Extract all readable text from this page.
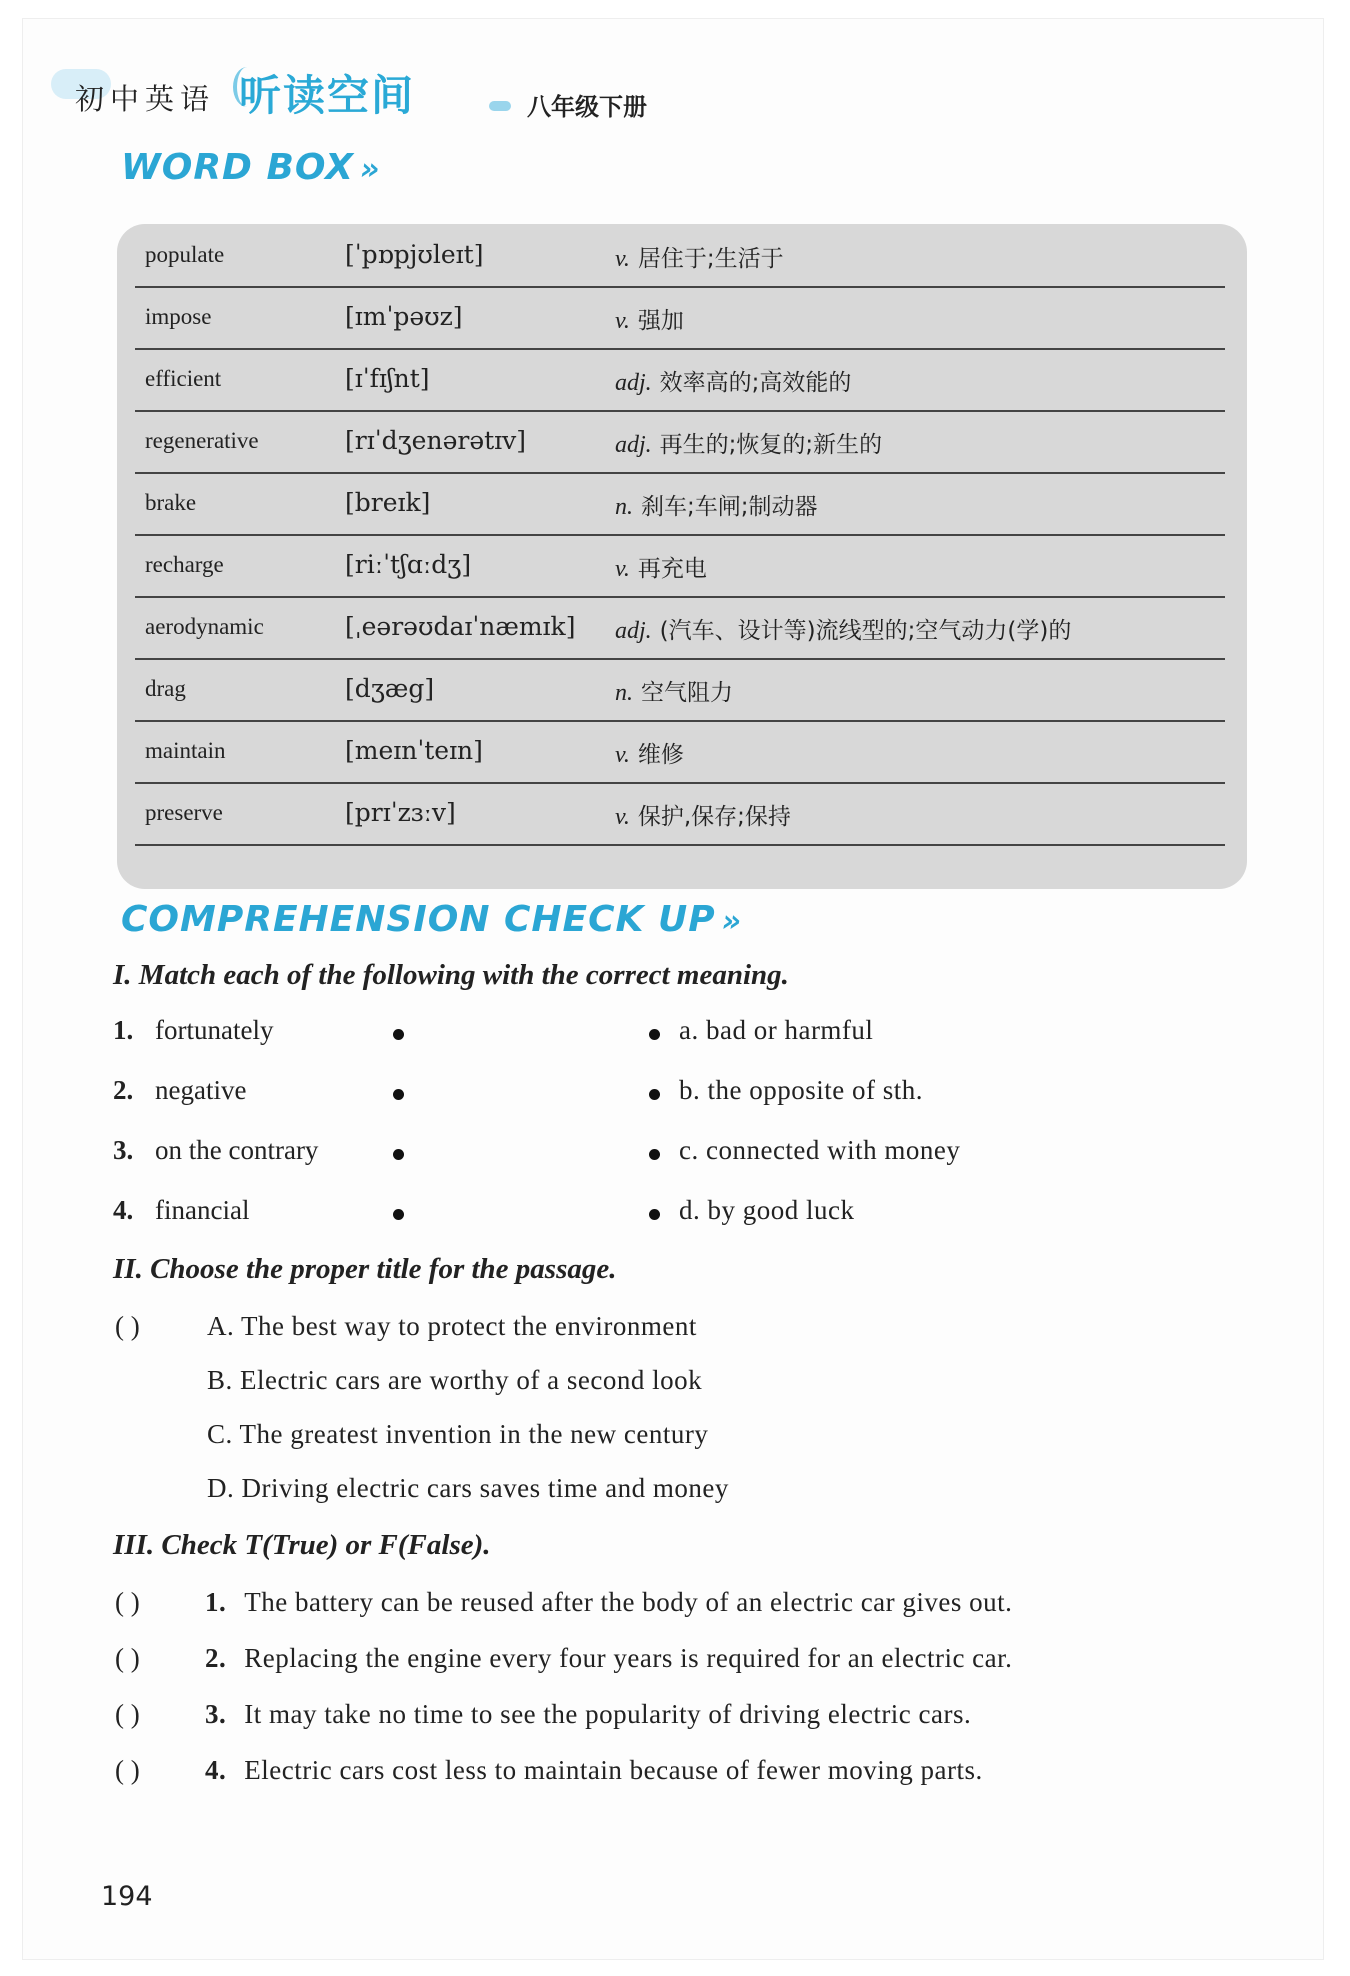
初中英语 听读空间	八年级下册
WORD BOX »
populate	[ˈpɒpjʊleɪt]	v. 居住于;生活于
impose	[ɪmˈpəʊz]	v. 强加
efficient	[ɪˈfɪʃnt]	adj. 效率高的;高效能的
regenerative	[rɪˈdʒenərətɪv]	adj. 再生的;恢复的;新生的
brake	[breɪk]	n. 刹车;车闸;制动器
recharge	[riːˈtʃɑːdʒ]	v. 再充电
aerodynamic	[ˌeərəʊdaɪˈnæmɪk] adj. (汽车、设计等)流线型的;空气动力(学)的
drag	[dʒæg]	n. 空气阻力
maintain	[meɪnˈteɪn]	v. 维修
preserve	[prɪˈzɜːv]	v. 保护,保存;保持
COMPREHENSION CHECK UP »
I. Match each of the following with the correct meaning.
1. fortunately	a. bad or harmful
2. negative	b. the opposite of sth.
3. on the contrary	c. connected with money
4. financial	d. by good luck
II. Choose the proper title for the passage.
( ) A. The best way to protect the environment
B. Electric cars are worthy of a second look
C. The greatest invention in the new century
D. Driving electric cars saves time and money
III. Check T(True) or F(False).
( ) 1. The battery can be reused after the body of an electric car gives out.
( ) 2. Replacing the engine every four years is required for an electric car.
( ) 3. It may take no time to see the popularity of driving electric cars.
( ) 4. Electric cars cost less to maintain because of fewer moving parts.
194
